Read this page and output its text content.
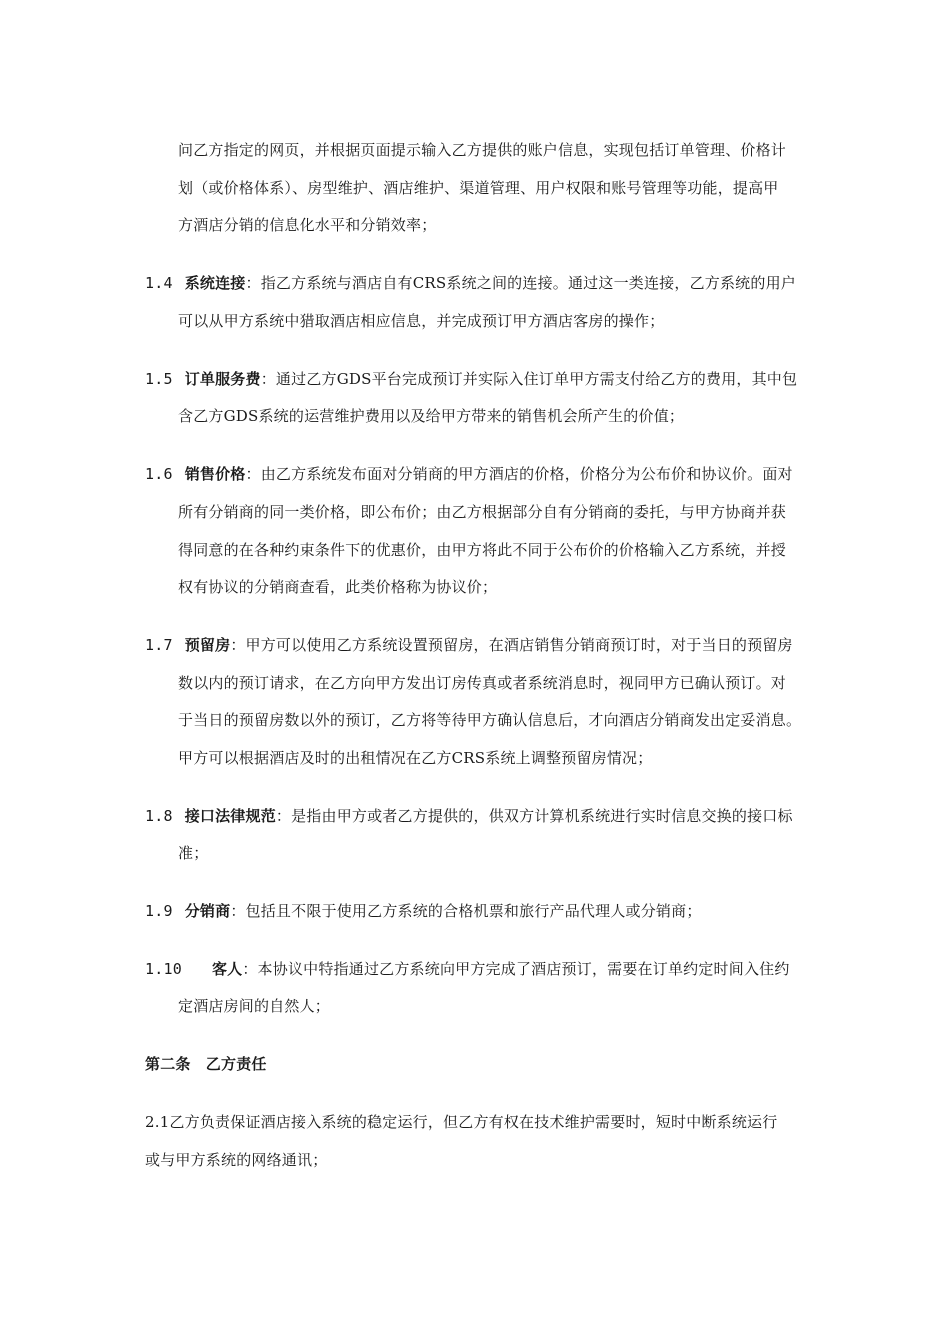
问乙方指定的网页，并根据页面提示输入乙方提供的账户信息，实现包括订单管理、价格计
划（或价格体系）、房型维护、酒店维护、渠道管理、用户权限和账号管理等功能，提高甲
方酒店分销的信息化水平和分销效率；
1.4 系统连接：指乙方系统与酒店自有CRS系统之间的连接。通过这一类连接，乙方系统的用户
可以从甲方系统中猎取酒店相应信息，并完成预订甲方酒店客房的操作；
1.5 订单服务费：通过乙方GDS平台完成预订并实际入住订单甲方需支付给乙方的费用，其中包
含乙方GDS系统的运营维护费用以及给甲方带来的销售机会所产生的价值；
1.6 销售价格：由乙方系统发布面对分销商的甲方酒店的价格，价格分为公布价和协议价。面对
所有分销商的同一类价格，即公布价；由乙方根据部分自有分销商的委托，与甲方协商并获
得同意的在各种约束条件下的优惠价，由甲方将此不同于公布价的价格输入乙方系统，并授
权有协议的分销商查看，此类价格称为协议价；
1.7 预留房：甲方可以使用乙方系统设置预留房，在酒店销售分销商预订时，对于当日的预留房
数以内的预订请求，在乙方向甲方发出订房传真或者系统消息时，视同甲方已确认预订。对
于当日的预留房数以外的预订，乙方将等待甲方确认信息后，才向酒店分销商发出定妥消息。
甲方可以根据酒店及时的出租情况在乙方CRS系统上调整预留房情况；
1.8 接口法律规范：是指由甲方或者乙方提供的，供双方计算机系统进行实时信息交换的接口标
准；
1.9 分销商：包括且不限于使用乙方系统的合格机票和旅行产品代理人或分销商；
1.10 客人：本协议中特指通过乙方系统向甲方完成了酒店预订，需要在订单约定时间入住约
定酒店房间的自然人；
第二条　乙方责任
2.1乙方负责保证酒店接入系统的稳定运行，但乙方有权在技术维护需要时，短时中断系统运行
或与甲方系统的网络通讯；
